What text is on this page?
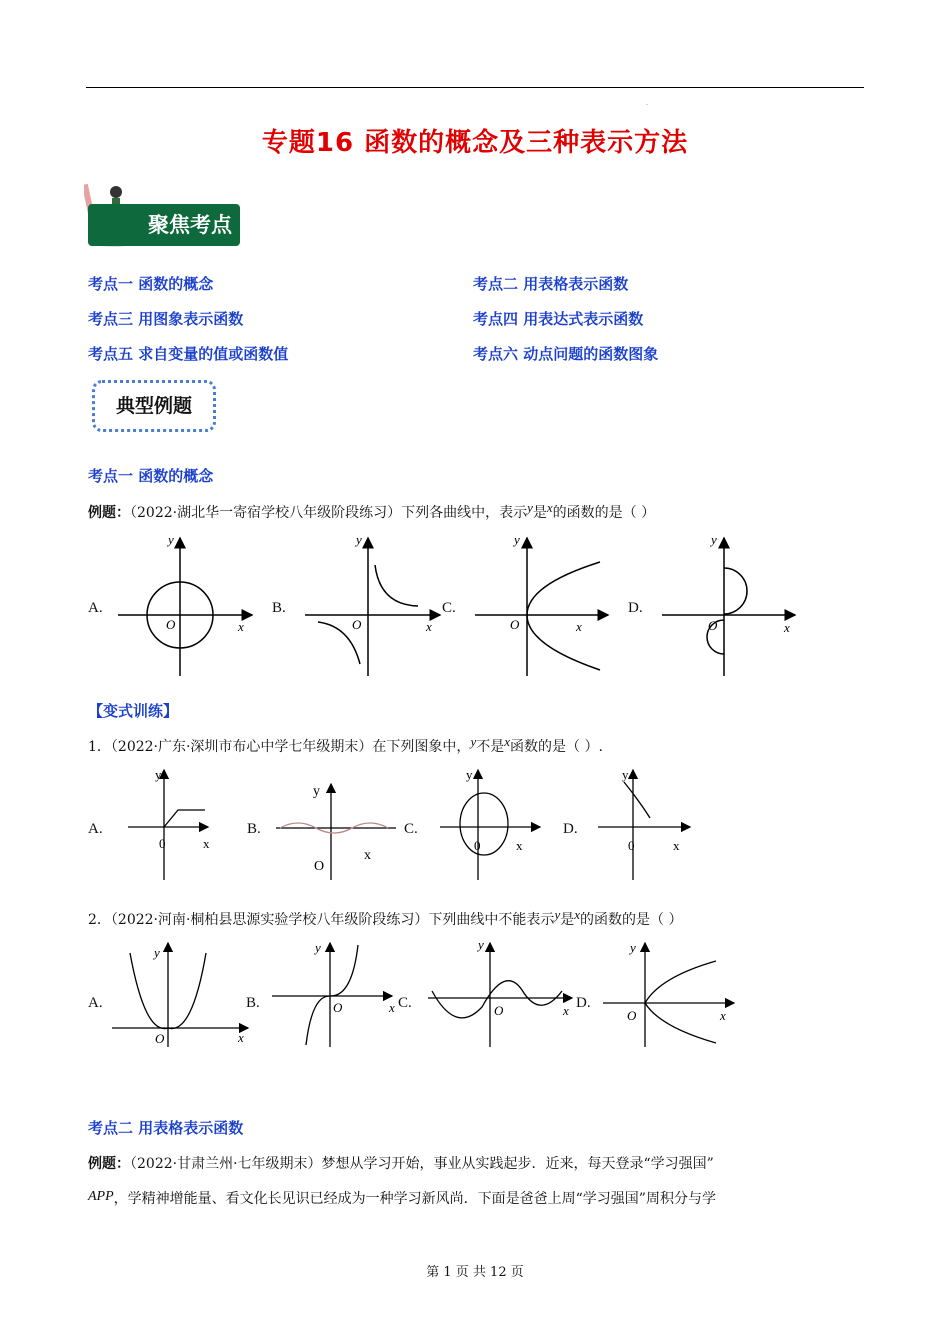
.
专题16 函数的概念及三种表示方法
聚焦考点
考点一 函数的概念	考点二 用表格表示函数
考点三 用图象表示函数	考点四 用表达式表示函数
考点五 求自变量的值或函数值	考点六 动点问题的函数图象
典型例题
考点一 函数的概念
例题：（2022·湖北华一寄宿学校八年级阶段练习）下列各曲线中，表示y是x的函数的是（ ）
A.	B.	C.	D.
y
x
O
y
x
O
y
x
O
y
x
O
【变式训练】
1．（2022·广东·深圳市布心中学七年级期末）在下列图象中，y不是x函数的是（ ）.
A.	B.	C.	D.
y
x
0
y
x
O
y
x
0
y
x
0
2．（2022·河南·桐柏县思源实验学校八年级阶段练习）下列曲线中不能表示y是x的函数的是（ ）
A.	B.	C.	D.
y
x
O
y
x
O
y
x
O
y
x
O
考点二 用表格表示函数
例题：（2022·甘肃兰州·七年级期末）梦想从学习开始，事业从实践起步．近来，每天登录“学习强国”
APP，学精神增能量、看文化长见识已经成为一种学习新风尚．下面是爸爸上周“学习强国”周积分与学
第 1 页 共 12 页
